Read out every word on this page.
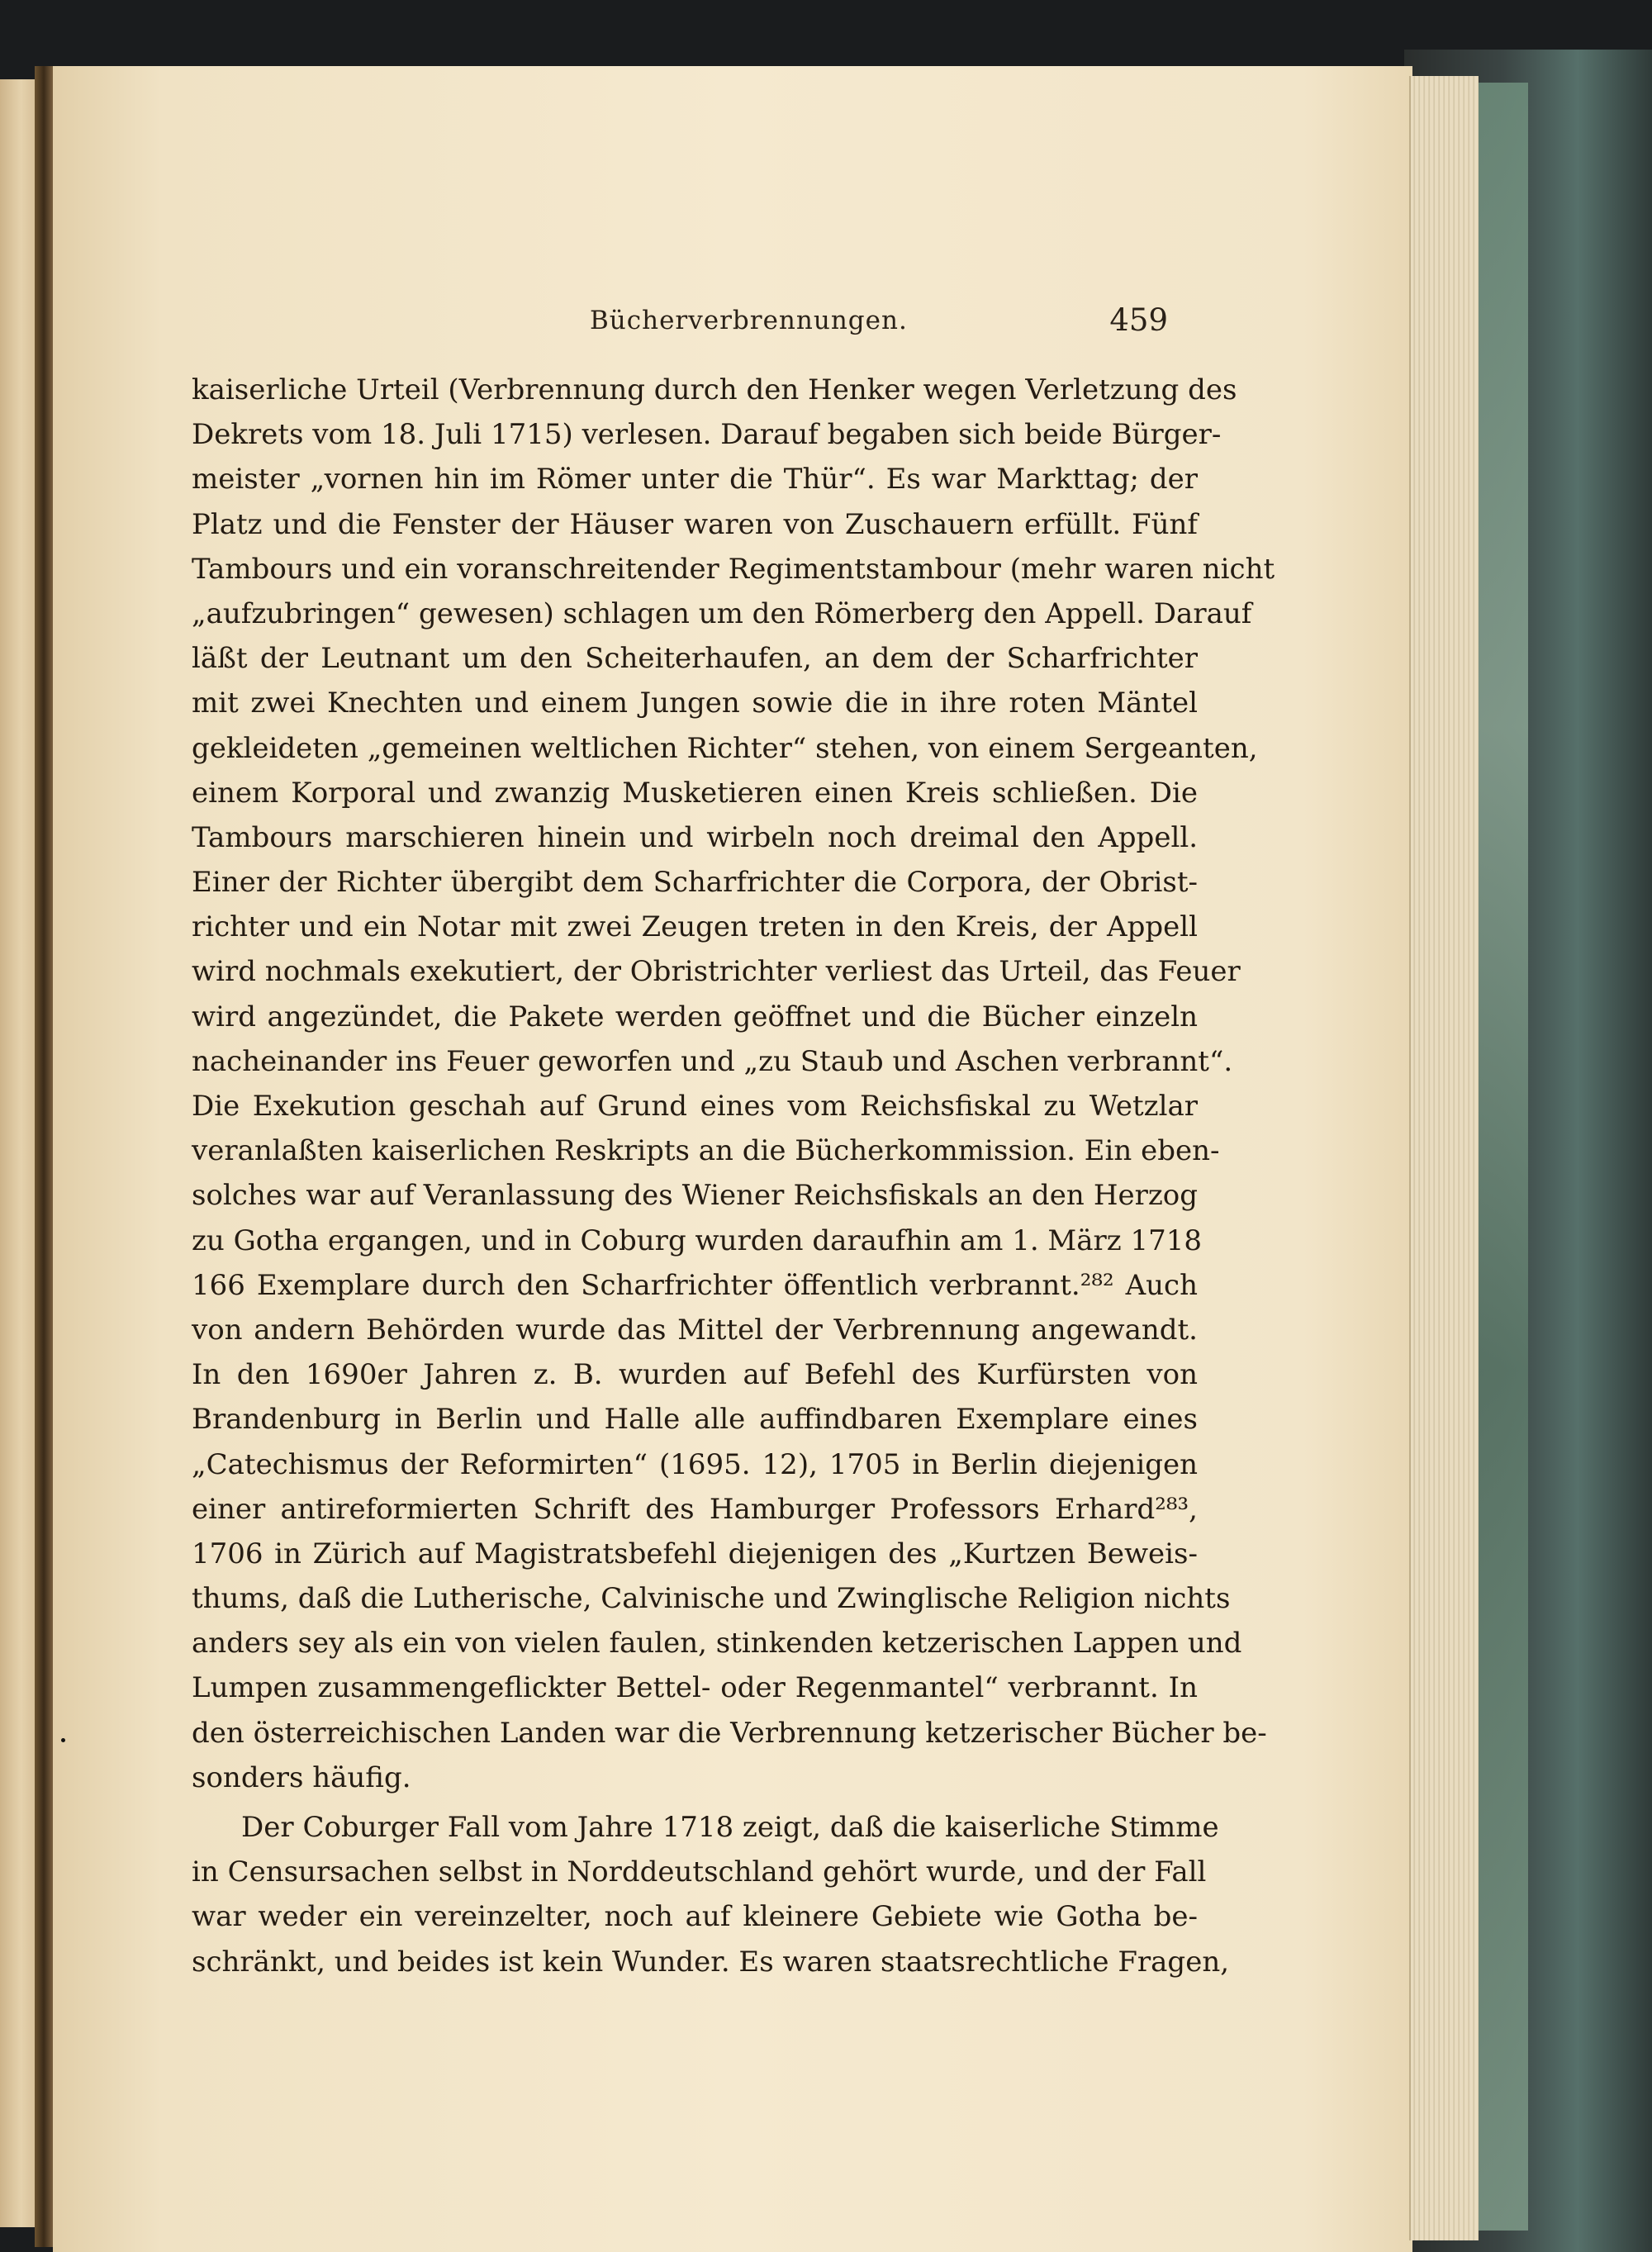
Bücherverbrennungen.	459
kaiserliche Urteil (Verbrennung durch den Henker wegen Verletzung des
Dekrets vom 18. Juli 1715) verlesen. Darauf begaben sich beide Bürger-
meister „vornen hin im Römer unter die Thür“. Es war Markttag; der
Platz und die Fenster der Häuser waren von Zuschauern erfüllt. Fünf
Tambours und ein voranschreitender Regimentstambour (mehr waren nicht
„aufzubringen“ gewesen) schlagen um den Römerberg den Appell. Darauf
läßt der Leutnant um den Scheiterhaufen, an dem der Scharfrichter
mit zwei Knechten und einem Jungen sowie die in ihre roten Mäntel
gekleideten „gemeinen weltlichen Richter“ stehen, von einem Sergeanten,
einem Korporal und zwanzig Musketieren einen Kreis schließen. Die
Tambours marschieren hinein und wirbeln noch dreimal den Appell.
Einer der Richter übergibt dem Scharfrichter die Corpora, der Obrist-
richter und ein Notar mit zwei Zeugen treten in den Kreis, der Appell
wird nochmals exekutiert, der Obristrichter verliest das Urteil, das Feuer
wird angezündet, die Pakete werden geöffnet und die Bücher einzeln
nacheinander ins Feuer geworfen und „zu Staub und Aschen verbrannt“.
Die Exekution geschah auf Grund eines vom Reichsfiskal zu Wetzlar
veranlaßten kaiserlichen Reskripts an die Bücherkommission. Ein eben-
solches war auf Veranlassung des Wiener Reichsfiskals an den Herzog
zu Gotha ergangen, und in Coburg wurden daraufhin am 1. März 1718
166 Exemplare durch den Scharfrichter öffentlich verbrannt.²⁸² Auch
von andern Behörden wurde das Mittel der Verbrennung angewandt.
In den 1690er Jahren z. B. wurden auf Befehl des Kurfürsten von
Brandenburg in Berlin und Halle alle auffindbaren Exemplare eines
„Catechismus der Reformirten“ (1695. 12), 1705 in Berlin diejenigen
einer antireformierten Schrift des Hamburger Professors Erhard²⁸³,
1706 in Zürich auf Magistratsbefehl diejenigen des „Kurtzen Beweis-
thums, daß die Lutherische, Calvinische und Zwinglische Religion nichts
anders sey als ein von vielen faulen, stinkenden ketzerischen Lappen und
Lumpen zusammengeflickter Bettel- oder Regenmantel“ verbrannt. In
den österreichischen Landen war die Verbrennung ketzerischer Bücher be-
sonders häufig.
Der Coburger Fall vom Jahre 1718 zeigt, daß die kaiserliche Stimme
in Censursachen selbst in Norddeutschland gehört wurde, und der Fall
war weder ein vereinzelter, noch auf kleinere Gebiete wie Gotha be-
schränkt, und beides ist kein Wunder. Es waren staatsrechtliche Fragen,
